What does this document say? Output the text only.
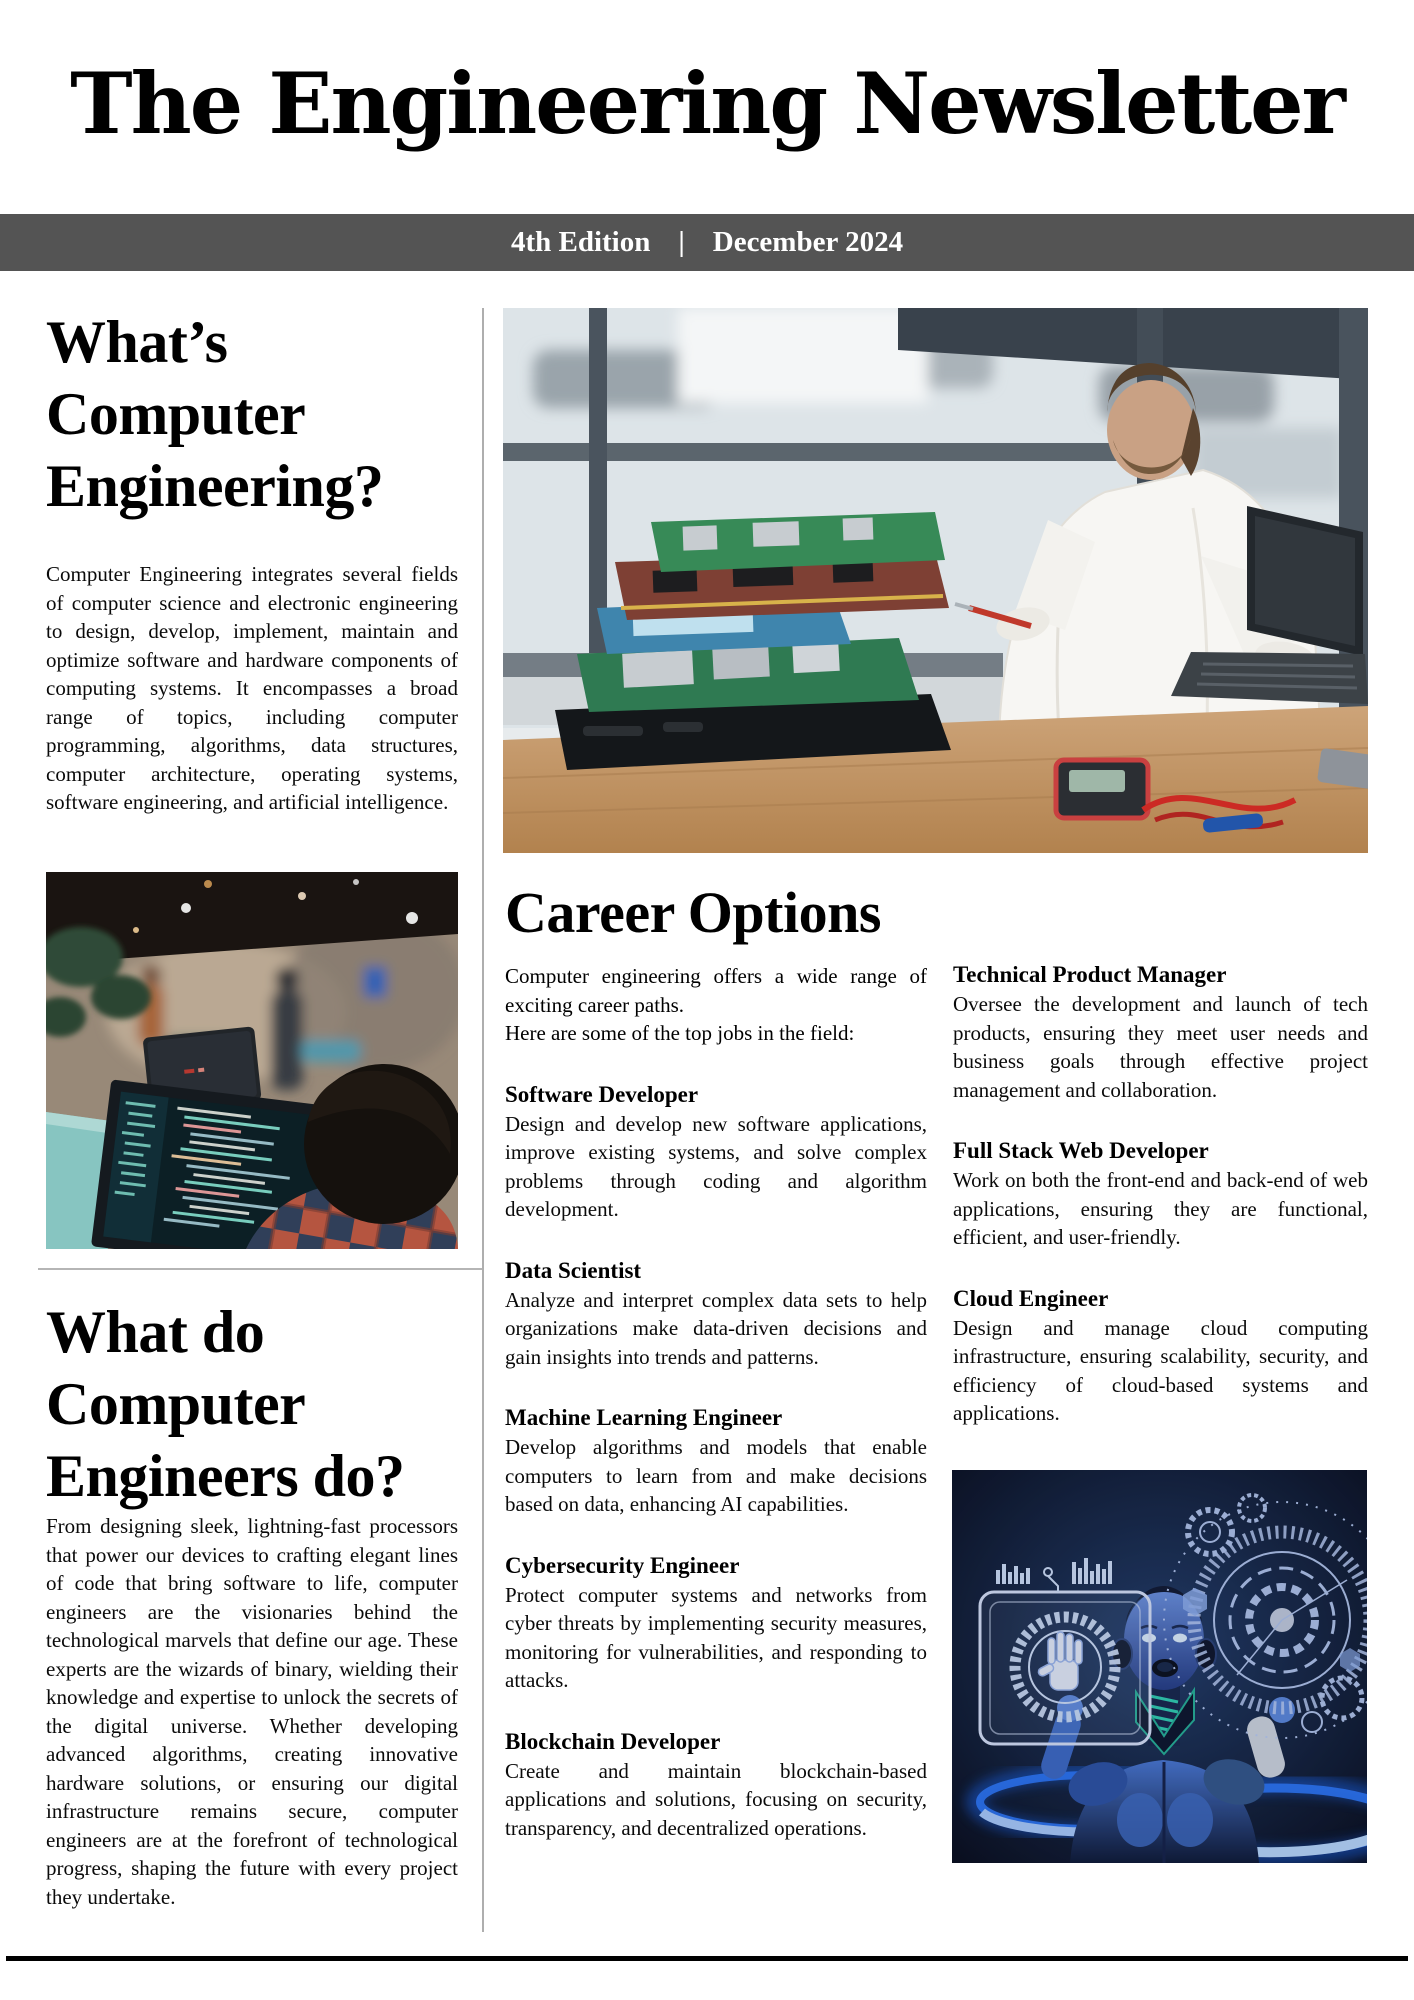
The Engineering Newsletter
4th Edition | December 2024
What’s Computer Engineering?
Computer Engineering integrates several fields of computer science and electronic engineering to design, develop, implement, maintain and optimize software and hardware components of computing systems. It encompasses a broad range of topics, including computer programming, algorithms, data structures, computer architecture, operating systems, software engineering, and artificial intelligence.
What do Computer Engineers do?
From designing sleek, lightning-fast processors that power our devices to crafting elegant lines of code that bring software to life, computer engineers are the visionaries behind the technological marvels that define our age. These experts are the wizards of binary, wielding their knowledge and expertise to unlock the secrets of the digital universe. Whether developing advanced algorithms, creating innovative hardware solutions, or ensuring our digital infrastructure remains secure, computer engineers are at the forefront of technological progress, shaping the future with every project they undertake.
Career Options

Computer engineering offers a wide range of exciting career paths.

Here are some of the top jobs in the field:

Software Developer

Design and develop new software applications, improve existing systems, and solve complex problems through coding and algorithm development.

Data Scientist

Analyze and interpret complex data sets to help organizations make data-driven decisions and gain insights into trends and patterns.

Machine Learning Engineer

Develop algorithms and models that enable computers to learn from and make decisions based on data, enhancing AI capabilities.

Cybersecurity Engineer

Protect computer systems and networks from cyber threats by implementing security measures, monitoring for vulnerabilities, and responding to attacks.

Blockchain Developer

Create and maintain blockchain-based applications and solutions, focusing on security, transparency, and decentralized operations.

Technical Product Manager

Oversee the development and launch of tech products, ensuring they meet user needs and business goals through effective project management and collaboration.

Full Stack Web Developer

Work on both the front-end and back-end of web applications, ensuring they are functional, efficient, and user-friendly.

Cloud Engineer

Design and manage cloud computing infrastructure, ensuring scalability, security, and efficiency of cloud-based systems and applications.
